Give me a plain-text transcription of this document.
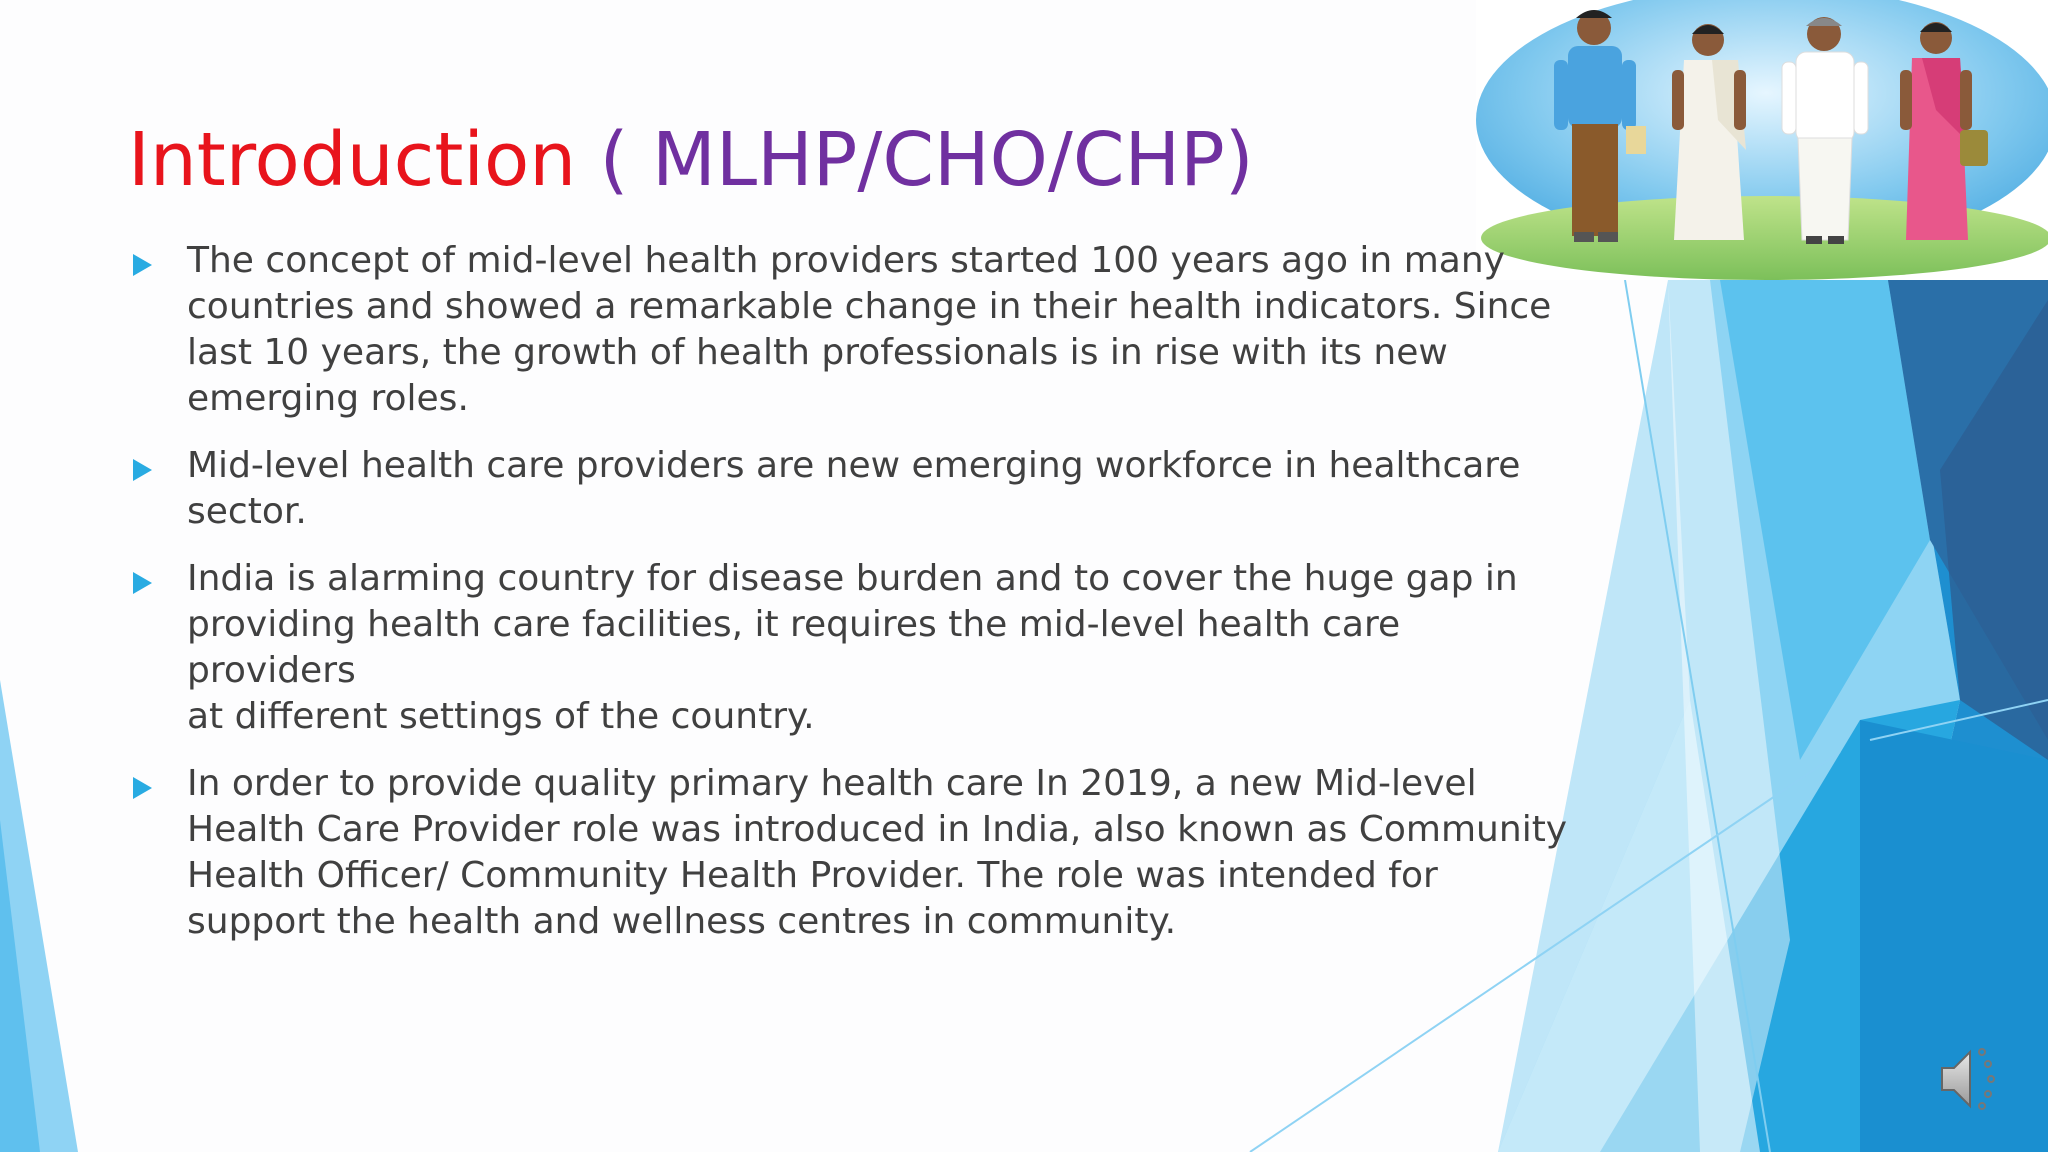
Introduction ( MLHP/CHO/CHP)
The concept of mid-level health providers started 100 years ago in many
countries and showed a remarkable change in their health indicators. Since
last 10 years, the growth of health professionals is in rise with its new
emerging roles.
Mid-level health care providers are new emerging workforce in healthcare
sector.
India is alarming country for disease burden and to cover the huge gap in
providing health care facilities, it requires the mid-level health care providers
at different settings of the country.
In order to provide quality primary health care In 2019, a new Mid-level
Health Care Provider role was introduced in India, also known as Community
Health Officer/ Community Health Provider. The role was intended for
support the health and wellness centres in community.
